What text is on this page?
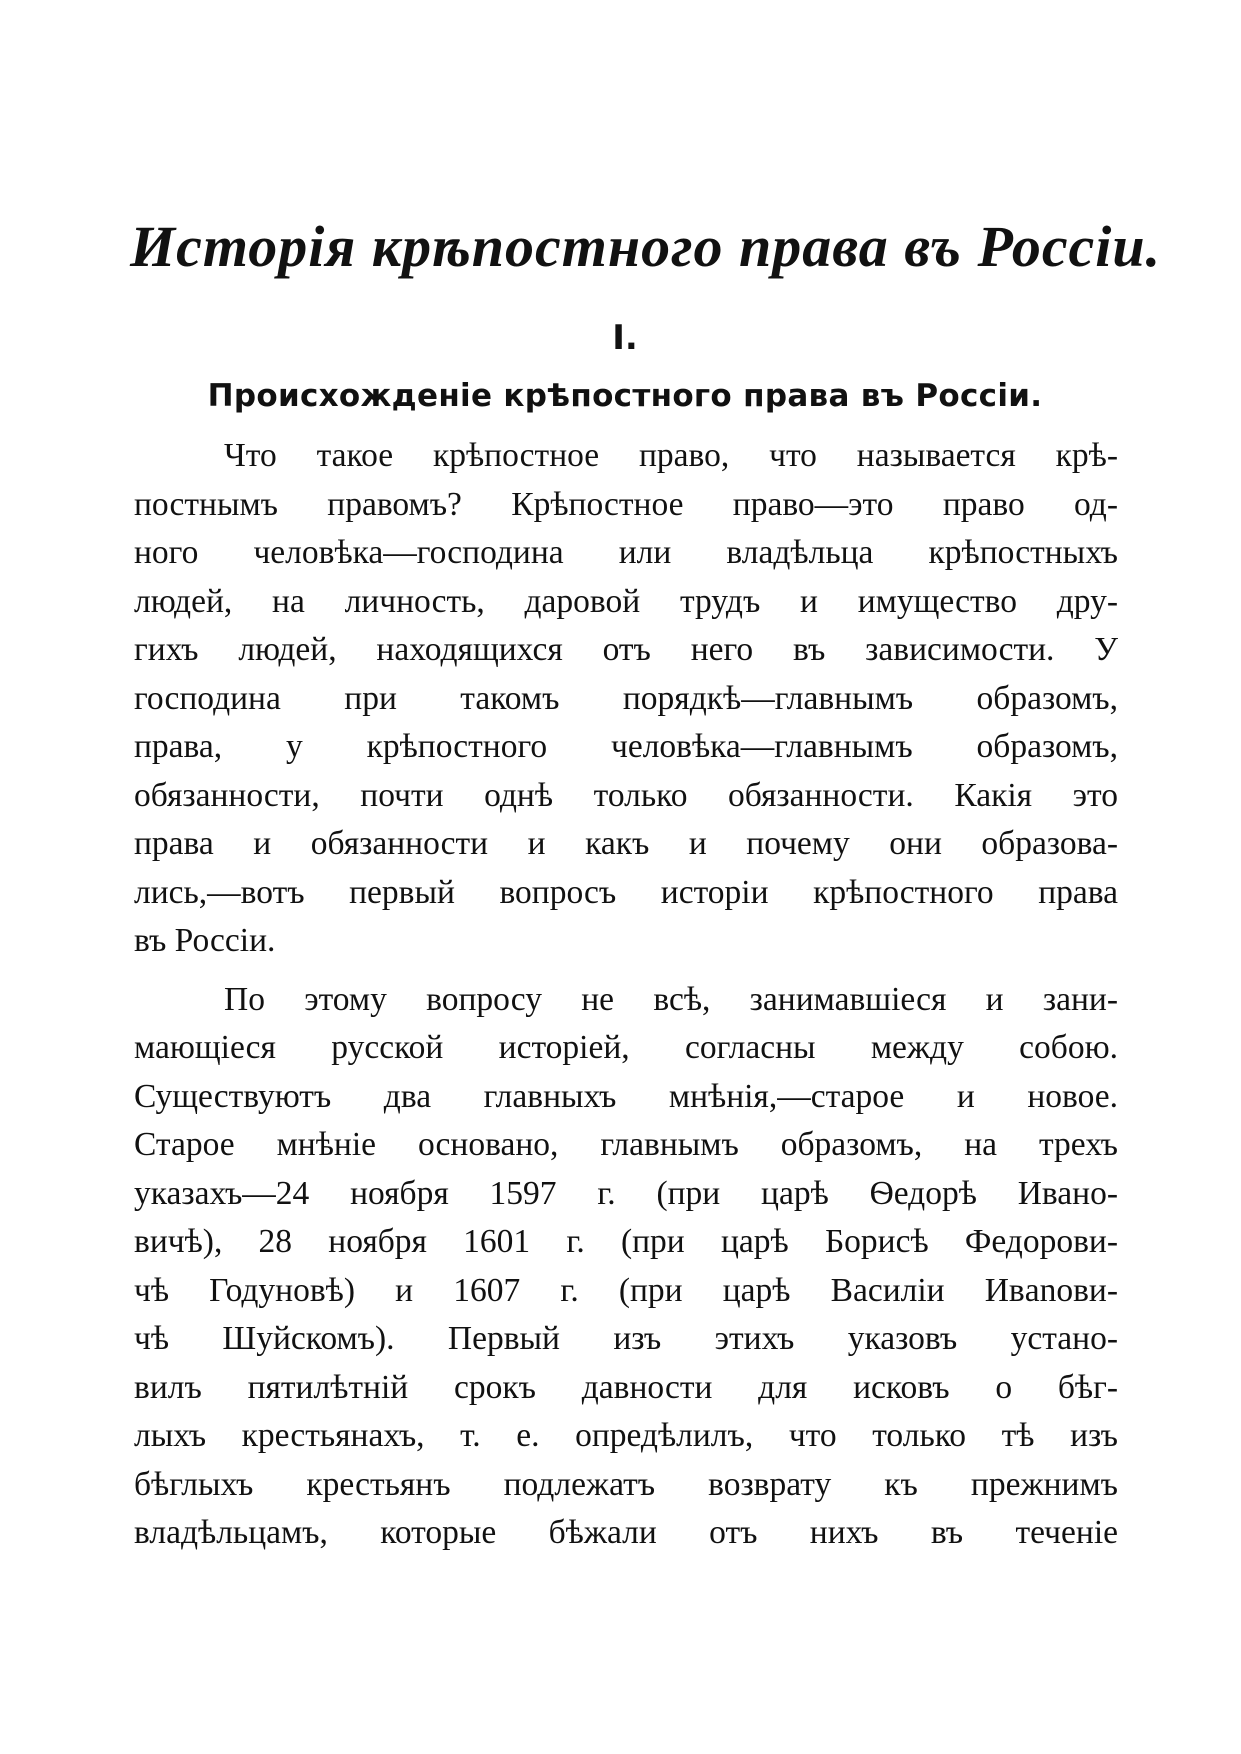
Исторія крѣпостного права въ Россіи.
I.
Происхожденіе крѣпостного права въ Россіи.
Что такое крѣпостное право, что называется крѣ-
постнымъ правомъ? Крѣпостное право—это право од-
ного человѣка—господина или владѣльца крѣпостныхъ
людей, на личность, даровой трудъ и имущество дру-
гихъ людей, находящихся отъ него въ зависимости. У
господина при такомъ порядкѣ—главнымъ образомъ,
права, у крѣпостного человѣка—главнымъ образомъ,
обязанности, почти однѣ только обязанности. Какія это
права и обязанности и какъ и почему они образова-
лись,—вотъ первый вопросъ исторіи крѣпостного права
въ Россіи.
По этому вопросу не всѣ, занимавшіеся и зани-
мающіеся русской исторіей, согласны между собою.
Существуютъ два главныхъ мнѣнія,—старое и новое.
Старое мнѣніе основано, главнымъ образомъ, на трехъ
указахъ—24 ноября 1597 г. (при царѣ Ѳедорѣ Ивано-
вичѣ), 28 ноября 1601 г. (при царѣ Борисѣ Федорови-
чѣ Годуновѣ) и 1607 г. (при царѣ Василіи Ивanoви-
чѣ Шуйскомъ). Первый изъ этихъ указовъ устано-
вилъ пятилѣтній срокъ давности для исковъ о бѣг-
лыхъ крестьянахъ, т. е. опредѣлилъ, что только тѣ изъ
бѣглыхъ крестьянъ подлежатъ возврату къ прежнимъ
владѣльцамъ, которые бѣжали отъ нихъ въ теченіе
